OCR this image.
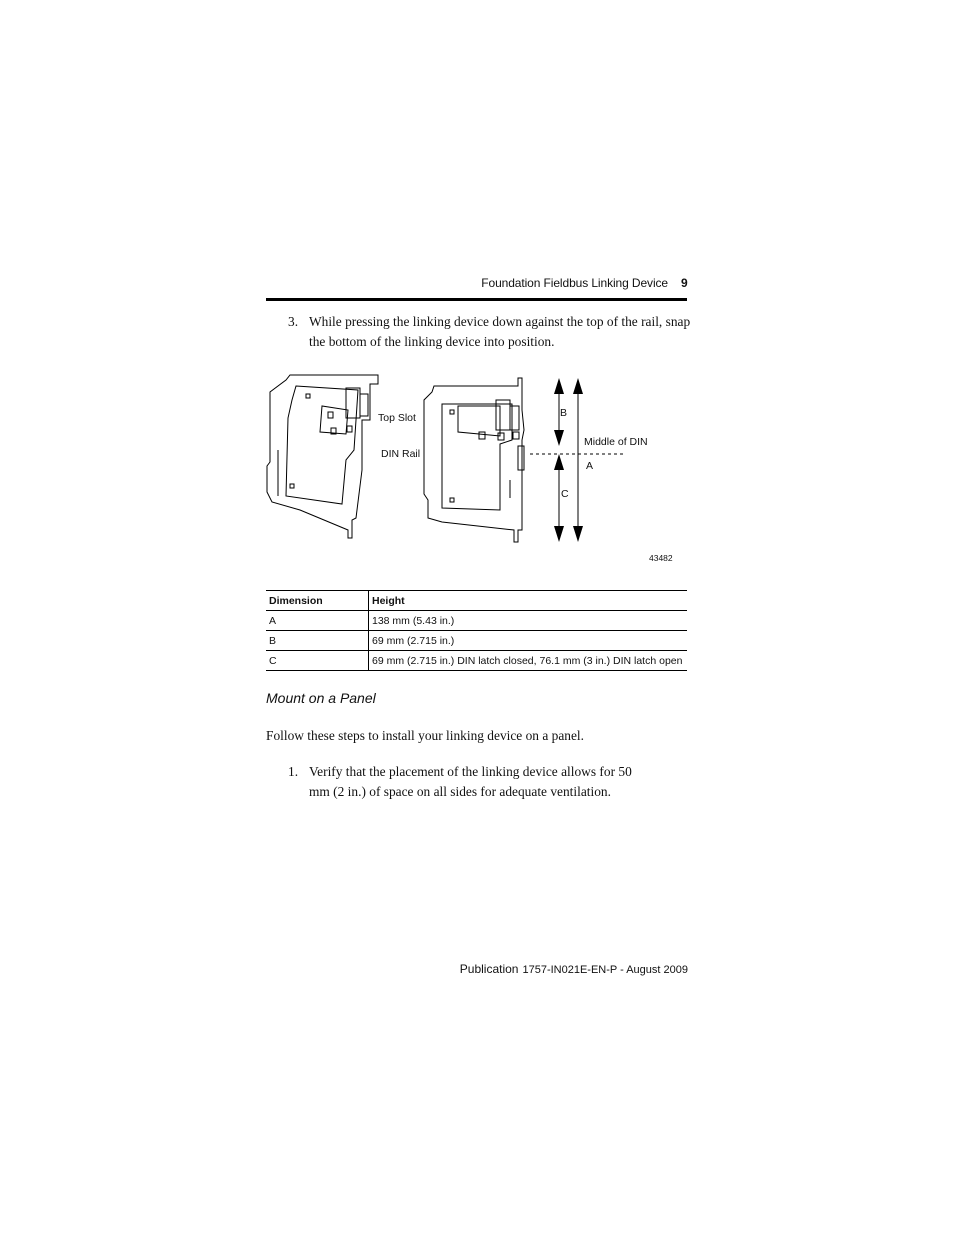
Foundation Fieldbus Linking Device 9
3. While pressing the linking device down against the top of the rail, snap the bottom of the linking device into position.
Top Slot
DIN Rail
B
Middle of DIN
A
C
43482
Dimension	Height
A	138 mm (5.43 in.)
B	69 mm (2.715 in.)
C	69 mm (2.715 in.) DIN latch closed, 76.1 mm (3 in.) DIN latch open
Mount on a Panel
Follow these steps to install your linking device on a panel.
1. Verify that the placement of the linking device allows for 50 mm (2 in.) of space on all sides for adequate ventilation.
Publication 1757-IN021E-EN-P - August 2009
